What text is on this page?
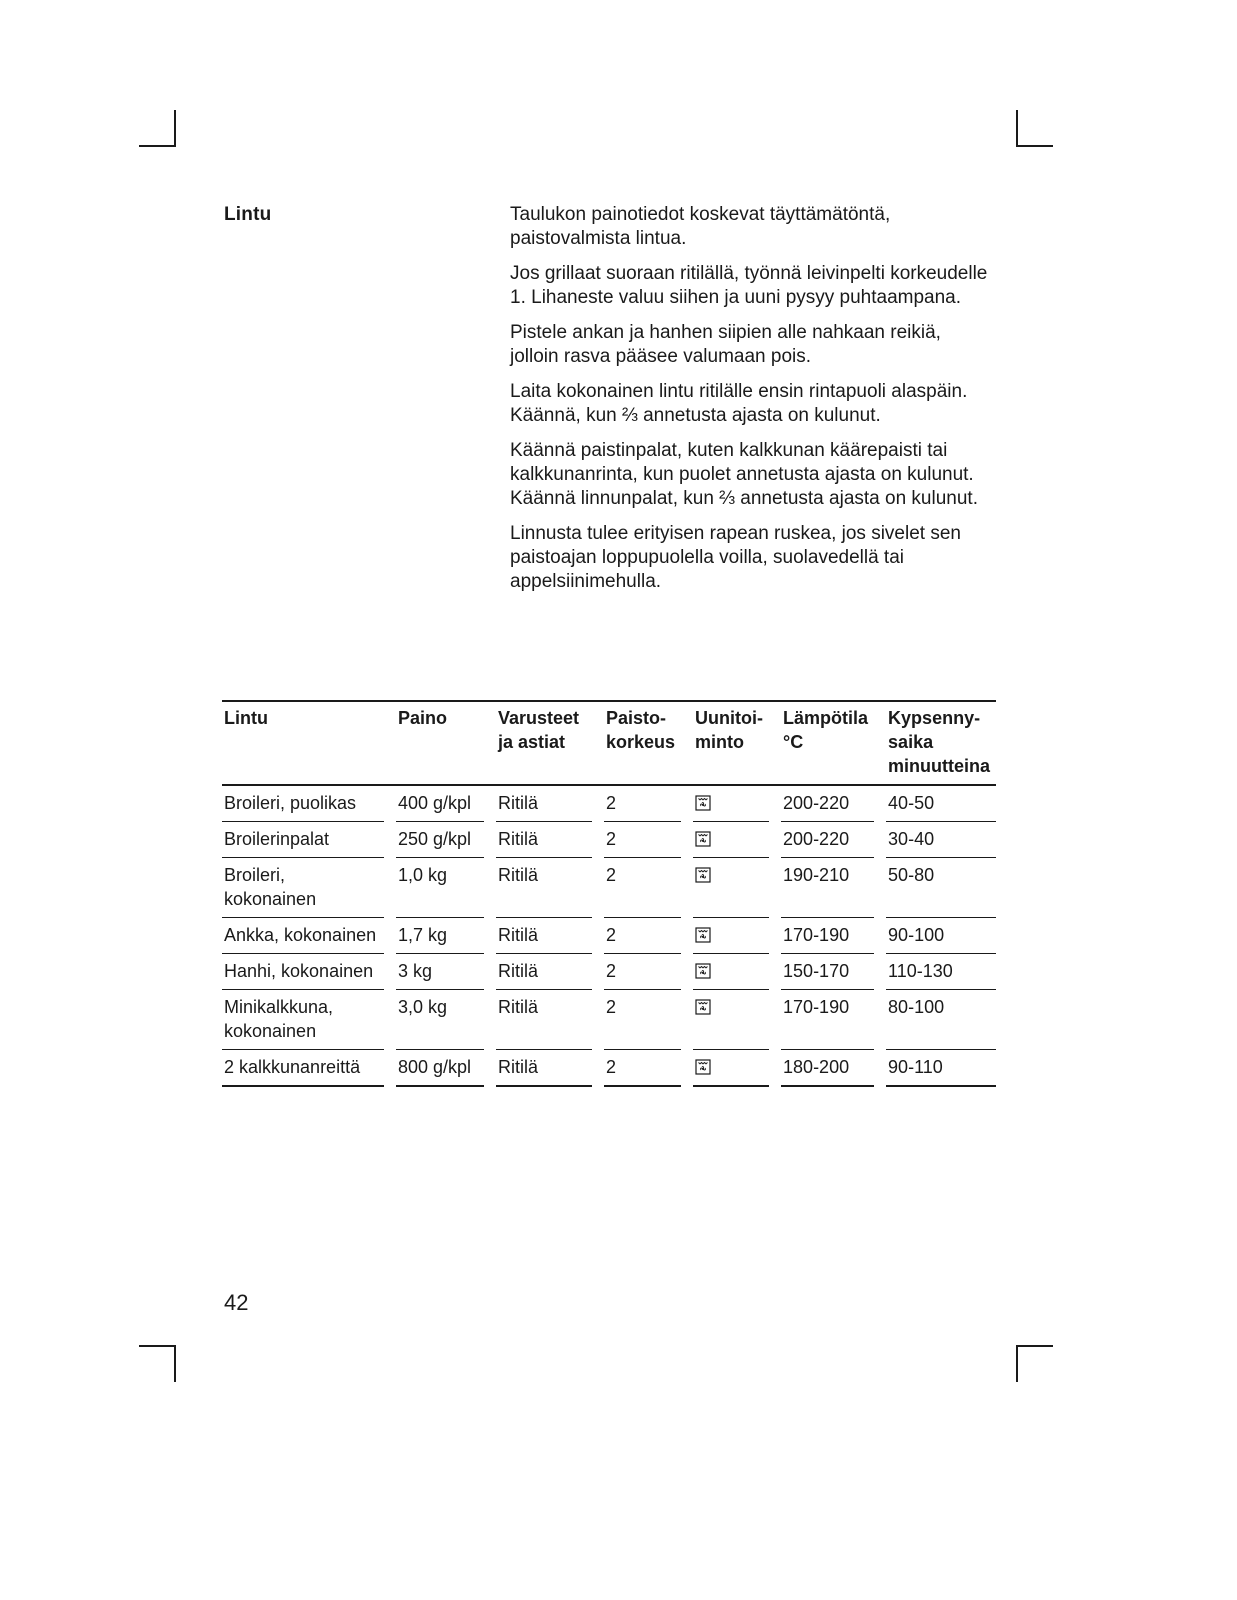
Lintu	Taulukon painotiedot koskevat täyttämätöntä, paistovalmista lintua.

Jos grillaat suoraan ritilällä, työnnä leivinpelti korkeudelle 1. Lihaneste valuu siihen ja uuni pysyy puhtaampana.

Pistele ankan ja hanhen siipien alle nahkaan reikiä, jolloin rasva pääsee valumaan pois.

Laita kokonainen lintu ritilälle ensin rintapuoli alaspäin. Käännä, kun ⅔ annetusta ajasta on kulunut.

Käännä paistinpalat, kuten kalkkunan käärepaisti tai kalkkunanrinta, kun puolet annetusta ajasta on kulunut.

Käännä linnunpalat, kun ⅔ annetusta ajasta on kulunut.

Linnusta tulee erityisen rapean ruskea, jos sivelet sen paistoajan loppupuolella voilla, suolavedellä tai appelsiinimehulla.

Lintu		Paino		Varusteet ja astiat		Paisto- korkeus		Uunitoi- minto		Lämpötila °C		Kypsenny- saika minuutteina
Broileri, puolikas		400 g/kpl		Ritilä		2				200-220		40-50
Broilerinpalat		250 g/kpl		Ritilä		2				200-220		30-40
Broileri, kokonainen		1,0 kg		Ritilä		2				190-210		50-80
Ankka, kokonainen		1,7 kg		Ritilä		2				170-190		90-100
Hanhi, kokonainen		3 kg		Ritilä		2				150-170		110-130
Minikalkkuna, kokonainen		3,0 kg		Ritilä		2				170-190		80-100
2 kalkkunanreittä		800 g/kpl		Ritilä		2				180-200		90-110
42
